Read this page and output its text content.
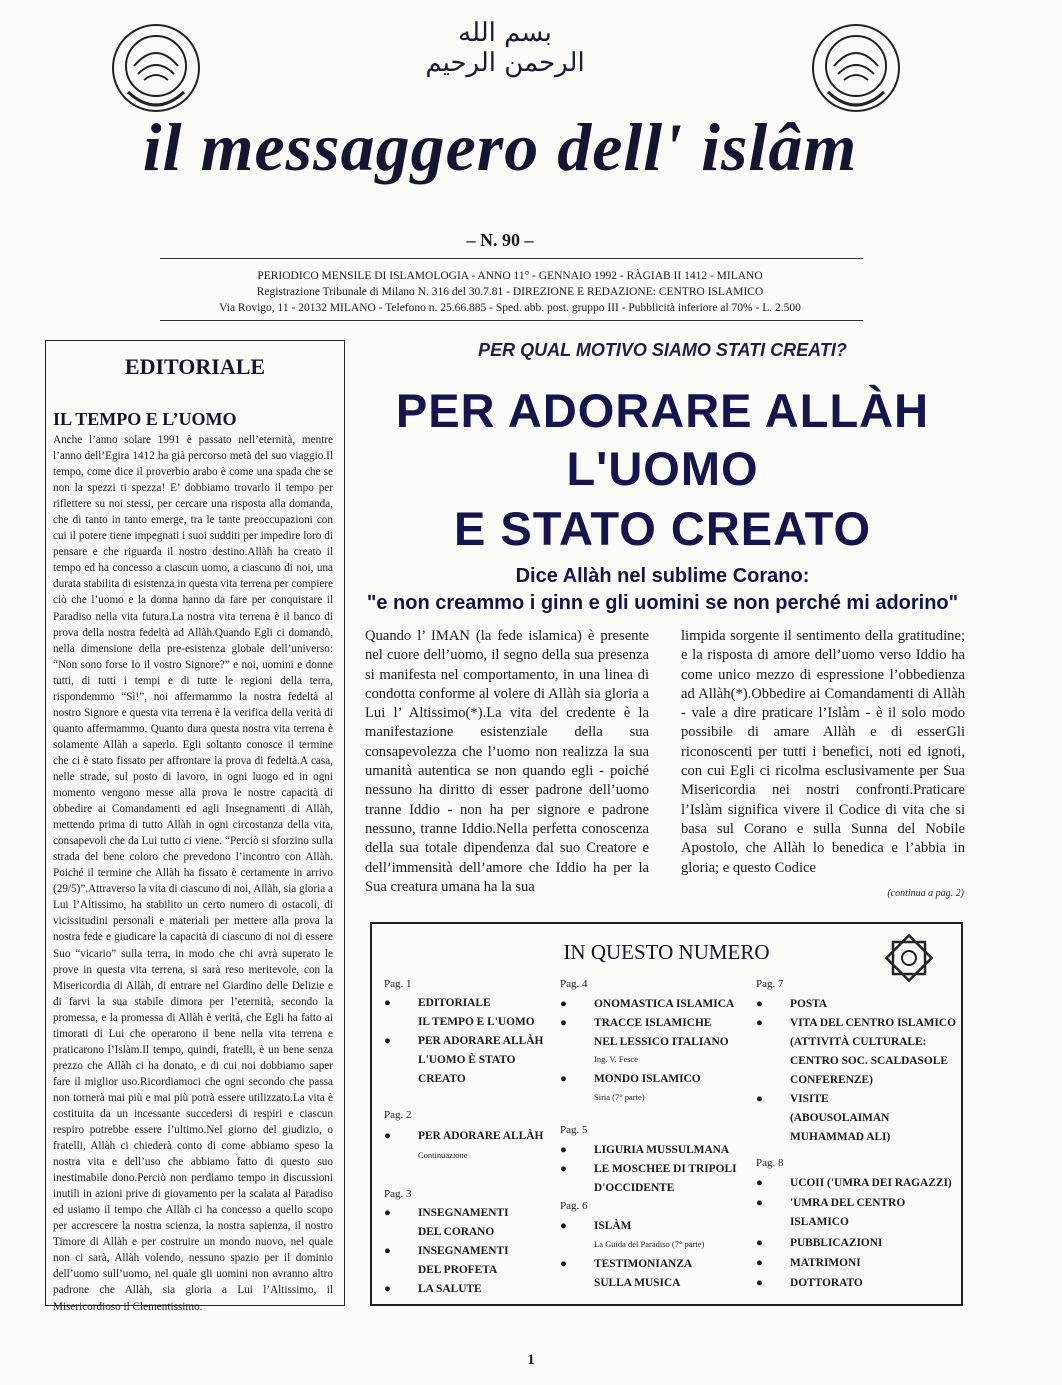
بسم الله الرحمن الرحيم
il messaggero dell' islâm
– N. 90 –
PERIODICO MENSILE DI ISLAMOLOGIA - ANNO 11° - GENNAIO 1992 - RÀGIAB II 1412 - MILANO
Registrazione Tribunale di Milano N. 316 del 30.7.81 - DIREZIONE E REDAZIONE: CENTRO ISLAMICO
Via Rovigo, 11 - 20132 MILANO - Telefono n. 25.66.885 - Sped. abb. post. gruppo III - Pubblicità inferiore al 70% - L. 2.500
EDITORIALE
IL TEMPO E L’UOMO
Anche l’anno solare 1991 è passato nell’eternità, mentre l’anno dell’Egira 1412 ha già percorso metà del suo viaggio.Il tempo, come dice il proverbio arabo è come una spada che se non la spezzi ti spezza! E’ dobbiamo trovarlo il tempo per riflettere su noi stessi, per cercare una risposta alla domanda, che di tanto in tanto emerge, tra le tante preoccupazioni con cui il potere tiene impegnati i suoi sudditi per impedire loro di pensare e che riguarda il nostro destino.Allàh ha creato il tempo ed ha concesso a ciascun uomo, a ciascuno di noi, una durata stabilita di esistenza in questa vita terrena per compiere ciò che l’uomo e la donna hanno da fare per conquistare il Paradiso nella vita futura.La nostra vita terrena è il banco di prova della nostra fedeltà ad Allàh.Quando Egli ci domandò, nella dimensione della pre-esistenza globale dell’universo: “Non sono forse Io il vostro Signore?” e noi, uomini e donne tutti, di tutti i tempi e di tutte le regioni della terra, rispondemmo “Sì!”, noi affermammo la nostra fedeltà al nostro Signore e questa vita terrena è la verifica della verità di quanto affermammo. Quanto dura questa nostra vita terrena è solamente Allàh a saperlo. Egli soltanto conosce il termine che ci è stato fissato per affrontare la prova di fedeltà.A casa, nelle strade, sul posto di lavoro, in ogni luogo ed in ogni momento vengono messe alla prova le nostre capacità di obbedire ai Comandamenti ed agli Insegnamenti di Allàh, mettendo prima di tutto Allàh in ogni circostanza della vita, consapevoli che da Lui tutto ci viene. “Perciò si sforzino sulla strada del bene coloro che prevedono l’incontro con Allàh. Poiché il termine che Allàh ha fissato è certamente in arrivo (29/5)”.Attraverso la vita di ciascuno di noi, Allàh, sia gloria a Lui l’Altissimo, ha stabilito un certo numero di ostacoli, di vicissitudini personali e materiali per mettere alla prova la nostra fede e giudicare la capacità di ciascuno di noi di essere Suo “vicario” sulla terra, in modo che chi avrà superato le prove in questa vita terrena, si sarà reso meritevole, con la Misericordia di Allàh, di entrare nel Giardino delle Delizie e di farvi la sua stabile dimora per l’eternità, secondo la promessa, e la promessa di Allàh è verità, che Egli ha fatto ai timorati di Lui che operarono il bene nella vita terrena e praticarono l’Islàm.Il tempo, quindi, fratelli, è un bene senza prezzo che Allàh ci ha donato, e di cui noi dobbiamo saper fare il miglior uso.Ricordiamoci che ogni secondo che passa non tornerà mai più e mai più potrà essere utilizzato.La vita è costituita da un incessante succedersi di respiri e ciascun respiro potrebbe essere l’ultimo.Nel giorno del giudizio, o fratelli, Allàh ci chiederà conto di come abbiamo speso la nostra vita e dell’uso che abbiamo fatto di questo suo inestimabile dono.Perciò non perdiamo tempo in discussioni inutili in azioni prive di giovamento per la scalata al Paradiso ed usiamo il tempo che Allàh ci ha concesso a quello scopo per accrescere la nostra scienza, la nostra sapienza, il nostro Timore di Allàh e per costruire un mondo nuovo, nel quale non ci sarà, Allàh volendo, nessuno spazio per il dominio dell’uomo sull’uomo, nel quale gli uomini non avranno altro padrone che Allàh, sia gloria a Lui l’Altissimo, il Misericordioso il Clementissimo.
PER QUAL MOTIVO SIAMO STATI CREATI?
PER ADORARE ALLÀH
L'UOMO
E STATO CREATO
Dice Allàh nel sublime Corano:
"e non creammo i ginn e gli uomini se non perché mi adorino"
Quando l’ IMAN (la fede islamica) è presente nel cuore dell’uomo, il segno della sua presenza si manifesta nel comportamento, in una linea di condotta conforme al volere di Allàh sia gloria a Lui l’ Altissimo(*).La vita del credente è la manifestazione esistenziale della sua consapevolezza che l’uomo non realizza la sua umanità autentica se non quando egli - poiché nessuno ha diritto di esser padrone dell’uomo tranne Iddio - non ha per signore e padrone nessuno, tranne Iddio.Nella perfetta conoscenza della sua totale dipendenza dal suo Creatore e dell’immensità dell’amore che Iddio ha per la Sua creatura umana ha la sua
limpida sorgente il sentimento della gratitudine; e la risposta di amore dell’uomo verso Iddio ha come unico mezzo di espressione l’obbedienza ad Allàh(*).Obbedire ai Comandamenti di Allàh - vale a dire praticare l’Islàm - è il solo modo possibile di amare Allàh e di esserGli riconoscenti per tutti i benefici, noti ed ignoti, con cui Egli ci ricolma esclusivamente per Sua Misericordia nei nostri confronti.Praticare l’Islàm significa vivere il Codice di vita che si basa sul Corano e sulla Sunna del Nobile Apostolo, che Allàh lo benedica e l’abbia in gloria; e questo Codice
(continua a pag. 2)
IN QUESTO NUMERO
Pag. 1
● EDITORIALE
IL TEMPO E L'UOMO
● PER ADORARE ALLÀH
L'UOMO È STATO
CREATO
Pag. 2
● PER ADORARE ALLÀH
Continuazione
Pag. 3
● INSEGNAMENTI
DEL CORANO
● INSEGNAMENTI
DEL PROFETA
● LA SALUTE
Pag. 4
● ONOMASTICA ISLAMICA
● TRACCE ISLAMICHE
NEL LESSICO ITALIANO
Ing. V. Fesce
● MONDO ISLAMICO
Siria (7° parte)
Pag. 5
● LIGURIA MUSSULMANA
● LE MOSCHEE DI TRIPOLI
D'OCCIDENTE
Pag. 6
● ISLÀM
La Guida del Paradiso (7° parte)
● TESTIMONIANZA
SULLA MUSICA
Pag. 7
● POSTA
● VITA DEL CENTRO ISLAMICO
(ATTIVITÀ CULTURALE:
CENTRO SOC. SCALDASOLE
CONFERENZE)
● VISITE
(ABOUSOLAIMAN
MUHAMMAD ALI)
Pag. 8
● UCOII ('UMRA DEI RAGAZZI)
● 'UMRA DEL CENTRO
ISLAMICO
● PUBBLICAZIONI
● MATRIMONI
● DOTTORATO
1
